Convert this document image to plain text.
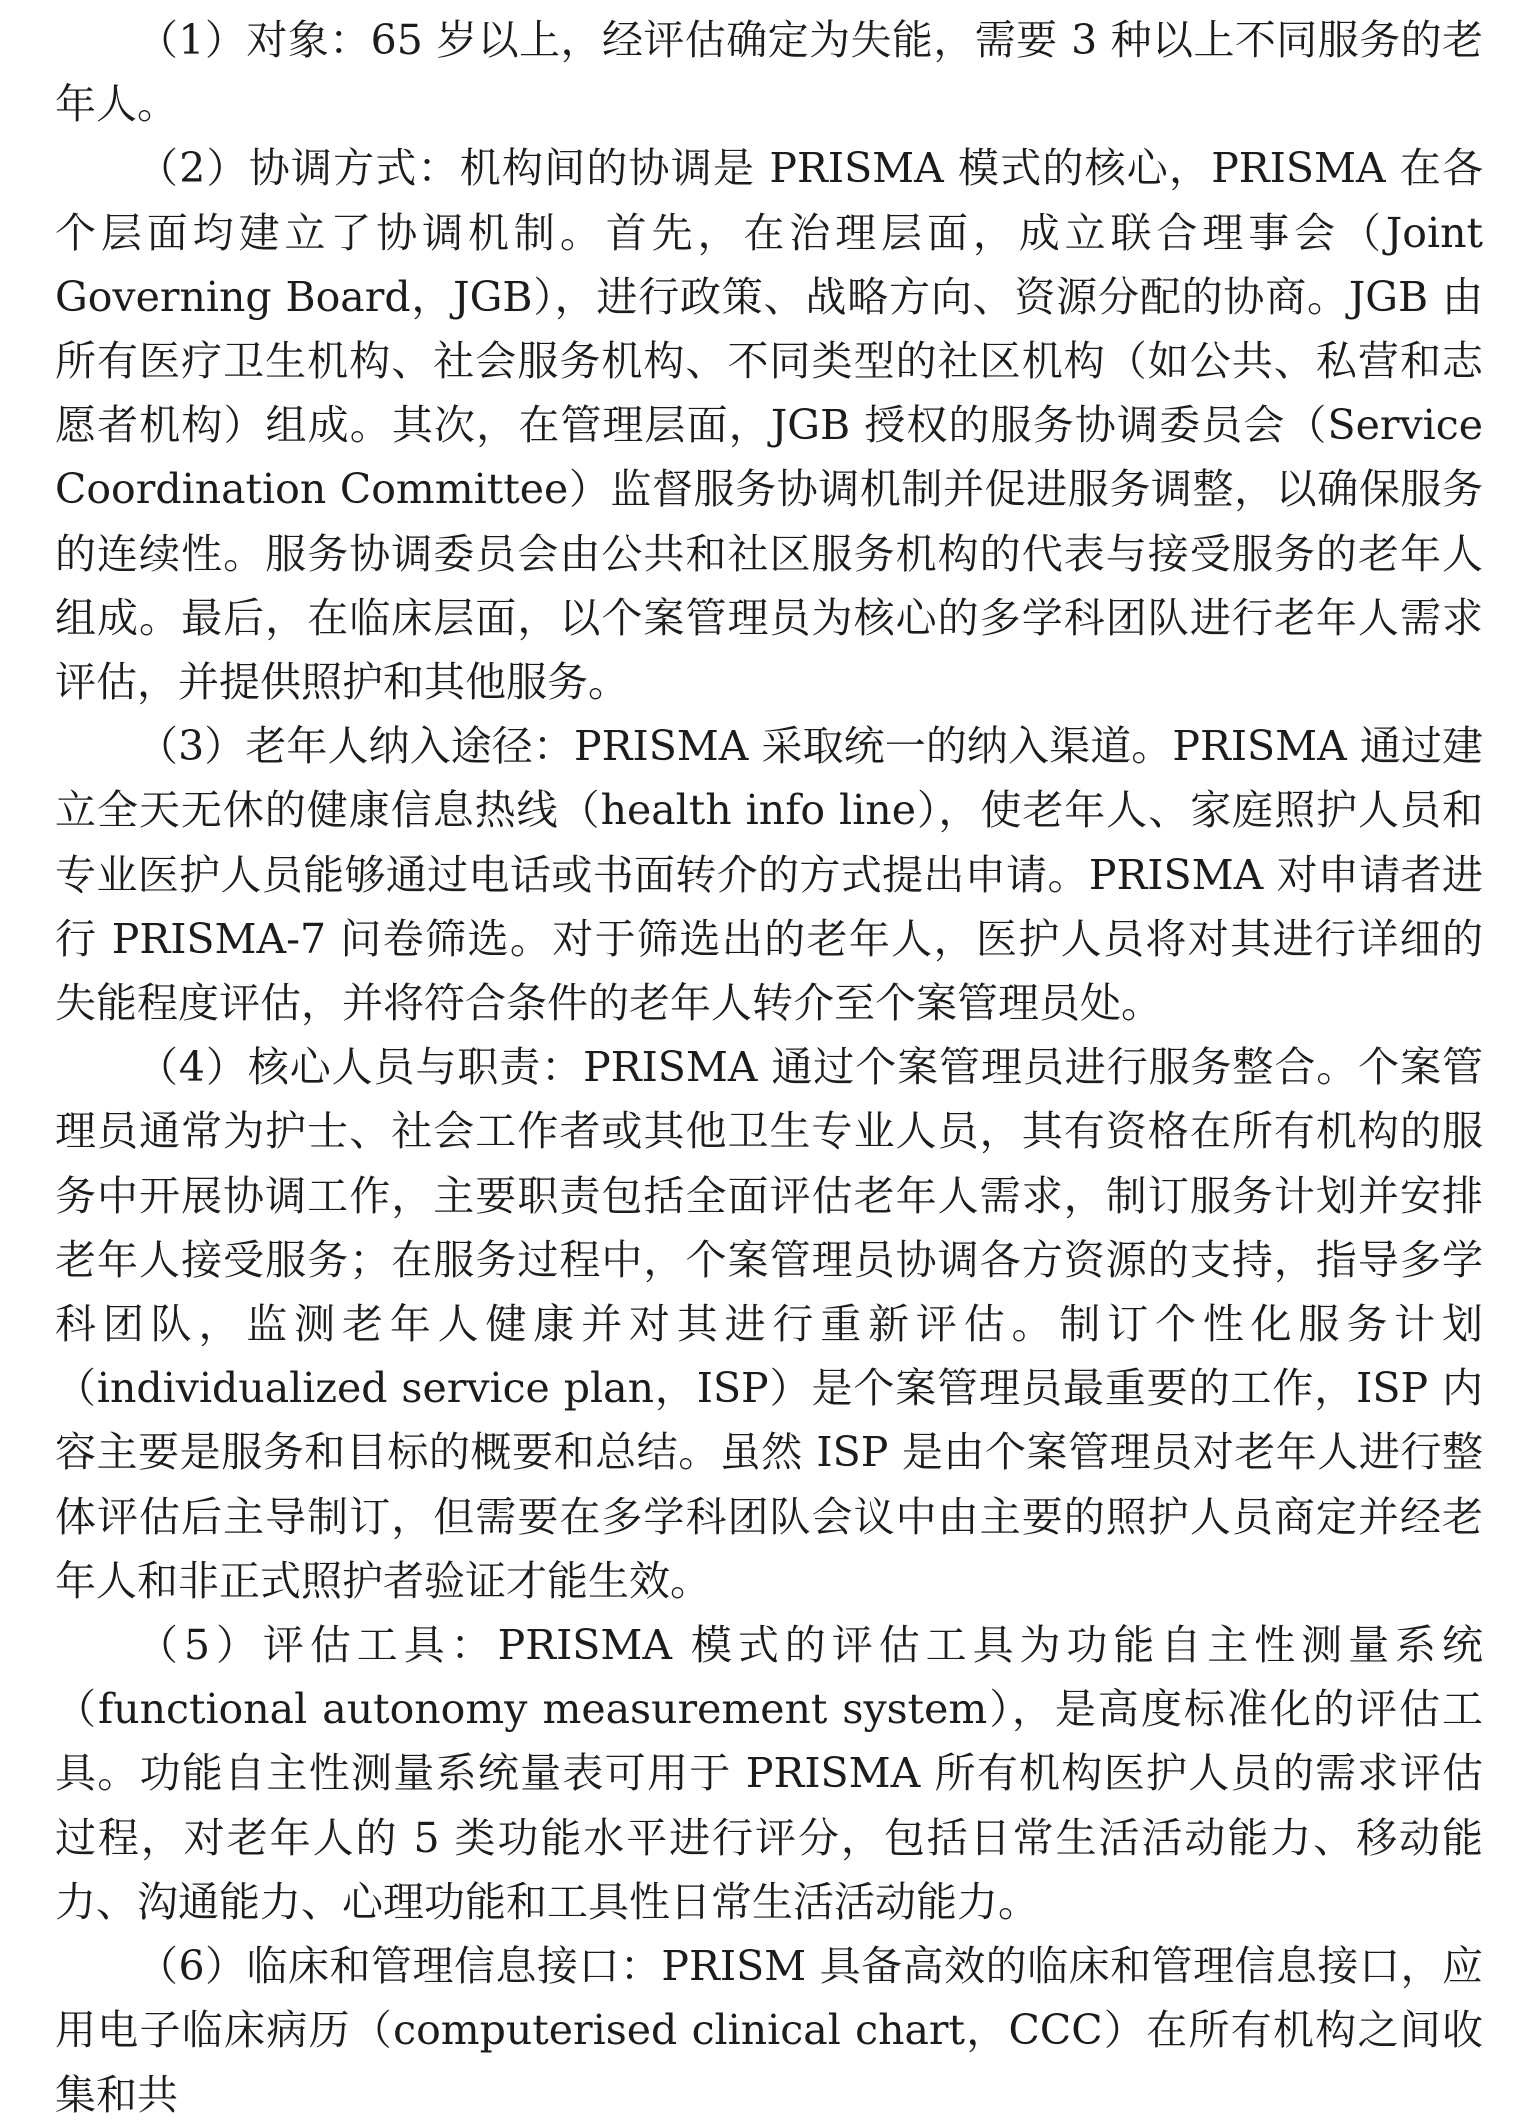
（1）对象：65 岁以上，经评估确定为失能，需要 3 种以上不同服务的老年人。

（2）协调方式：机构间的协调是 PRISMA 模式的核心，PRISMA 在各个层面均建立了协调机制。首先，在治理层面，成立联合理事会（Joint Governing Board，JGB），进行政策、战略方向、资源分配的协商。JGB 由所有医疗卫生机构、社会服务机构、不同类型的社区机构（如公共、私营和志愿者机构）组成。其次，在管理层面，JGB 授权的服务协调委员会（Service Coordination Committee）监督服务协调机制并促进服务调整，以确保服务的连续性。服务协调委员会由公共和社区服务机构的代表与接受服务的老年人组成。最后，在临床层面，以个案管理员为核心的多学科团队进行老年人需求评估，并提供照护和其他服务。

（3）老年人纳入途径：PRISMA 采取统一的纳入渠道。PRISMA 通过建立全天无休的健康信息热线（health info line），使老年人、家庭照护人员和专业医护人员能够通过电话或书面转介的方式提出申请。PRISMA 对申请者进行 PRISMA-7 问卷筛选。对于筛选出的老年人，医护人员将对其进行详细的失能程度评估，并将符合条件的老年人转介至个案管理员处。

（4）核心人员与职责：PRISMA 通过个案管理员进行服务整合。个案管理员通常为护士、社会工作者或其他卫生专业人员，其有资格在所有机构的服务中开展协调工作，主要职责包括全面评估老年人需求，制订服务计划并安排老年人接受服务；在服务过程中，个案管理员协调各方资源的支持，指导多学科团队，监测老年人健康并对其进行重新评估。制订个性化服务计划（individualized service plan，ISP）是个案管理员最重要的工作，ISP 内容主要是服务和目标的概要和总结。虽然 ISP 是由个案管理员对老年人进行整体评估后主导制订，但需要在多学科团队会议中由主要的照护人员商定并经老年人和非正式照护者验证才能生效。

（5）评估工具：PRISMA 模式的评估工具为功能自主性测量系统（functional autonomy measurement system），是高度标准化的评估工具。功能自主性测量系统量表可用于 PRISMA 所有机构医护人员的需求评估过程，对老年人的 5 类功能水平进行评分，包括日常生活活动能力、移动能力、沟通能力、心理功能和工具性日常生活活动能力。

（6）临床和管理信息接口：PRISM 具备高效的临床和管理信息接口，应用电子临床病历（computerised clinical chart，CCC）在所有机构之间收集和共
